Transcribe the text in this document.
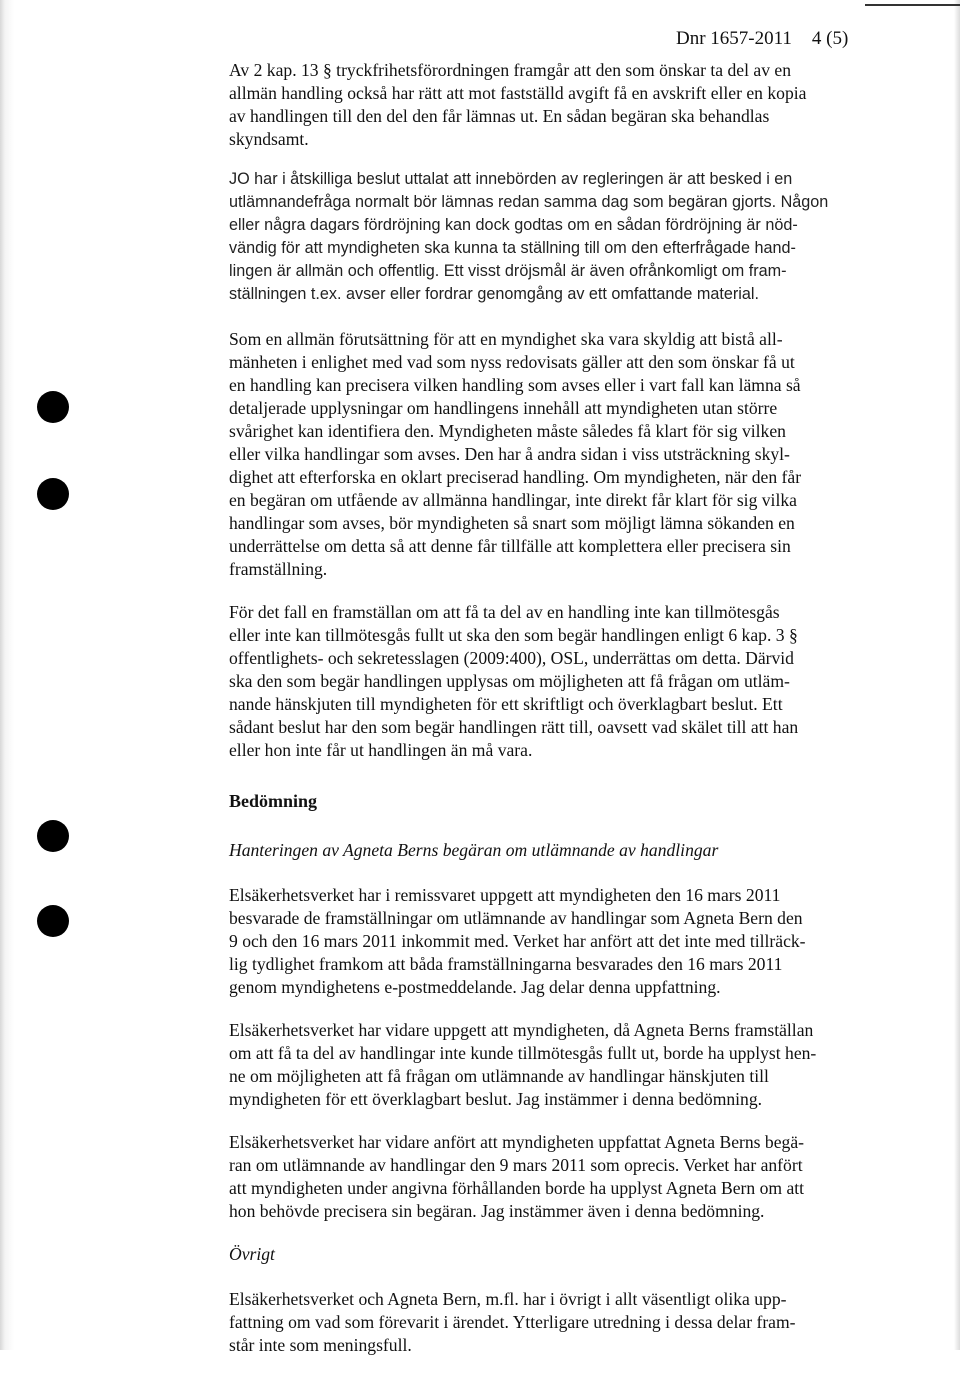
Dnr 1657-2011 4 (5)
Av 2 kap. 13 § tryckfrihetsförordningen framgår att den som önskar ta del av en
allmän handling också har rätt att mot fastställd avgift få en avskrift eller en kopia
av handlingen till den del den får lämnas ut. En sådan begäran ska behandlas
skyndsamt.
JO har i åtskilliga beslut uttalat att innebörden av regleringen är att besked i en
utlämnandefråga normalt bör lämnas redan samma dag som begäran gjorts. Någon
eller några dagars fördröjning kan dock godtas om en sådan fördröjning är nöd-
vändig för att myndigheten ska kunna ta ställning till om den efterfrågade hand-
lingen är allmän och offentlig. Ett visst dröjsmål är även ofrånkomligt om fram-
ställningen t.ex. avser eller fordrar genomgång av ett omfattande material.
Som en allmän förutsättning för att en myndighet ska vara skyldig att bistå all-
mänheten i enlighet med vad som nyss redovisats gäller att den som önskar få ut
en handling kan precisera vilken handling som avses eller i vart fall kan lämna så
detaljerade upplysningar om handlingens innehåll att myndigheten utan större
svårighet kan identifiera den. Myndigheten måste således få klart för sig vilken
eller vilka handlingar som avses. Den har å andra sidan i viss utsträckning skyl-
dighet att efterforska en oklart preciserad handling. Om myndigheten, när den får
en begäran om utfående av allmänna handlingar, inte direkt får klart för sig vilka
handlingar som avses, bör myndigheten så snart som möjligt lämna sökanden en
underrättelse om detta så att denne får tillfälle att komplettera eller precisera sin
framställning.
För det fall en framställan om att få ta del av en handling inte kan tillmötesgås
eller inte kan tillmötesgås fullt ut ska den som begär handlingen enligt 6 kap. 3 §
offentlighets- och sekretesslagen (2009:400), OSL, underrättas om detta. Därvid
ska den som begär handlingen upplysas om möjligheten att få frågan om utläm-
nande hänskjuten till myndigheten för ett skriftligt och överklagbart beslut. Ett
sådant beslut har den som begär handlingen rätt till, oavsett vad skälet till att han
eller hon inte får ut handlingen än må vara.
Bedömning
Hanteringen av Agneta Berns begäran om utlämnande av handlingar
Elsäkerhetsverket har i remissvaret uppgett att myndigheten den 16 mars 2011
besvarade de framställningar om utlämnande av handlingar som Agneta Bern den
9 och den 16 mars 2011 inkommit med. Verket har anfört att det inte med tillräck-
lig tydlighet framkom att båda framställningarna besvarades den 16 mars 2011
genom myndighetens e-postmeddelande. Jag delar denna uppfattning.
Elsäkerhetsverket har vidare uppgett att myndigheten, då Agneta Berns framställan
om att få ta del av handlingar inte kunde tillmötesgås fullt ut, borde ha upplyst hen-
ne om möjligheten att få frågan om utlämnande av handlingar hänskjuten till
myndigheten för ett överklagbart beslut. Jag instämmer i denna bedömning.
Elsäkerhetsverket har vidare anfört att myndigheten uppfattat Agneta Berns begä-
ran om utlämnande av handlingar den 9 mars 2011 som oprecis. Verket har anfört
att myndigheten under angivna förhållanden borde ha upplyst Agneta Bern om att
hon behövde precisera sin begäran. Jag instämmer även i denna bedömning.
Övrigt
Elsäkerhetsverket och Agneta Bern, m.fl. har i övrigt i allt väsentligt olika upp-
fattning om vad som förevarit i ärendet. Ytterligare utredning i dessa delar fram-
står inte som meningsfull.
